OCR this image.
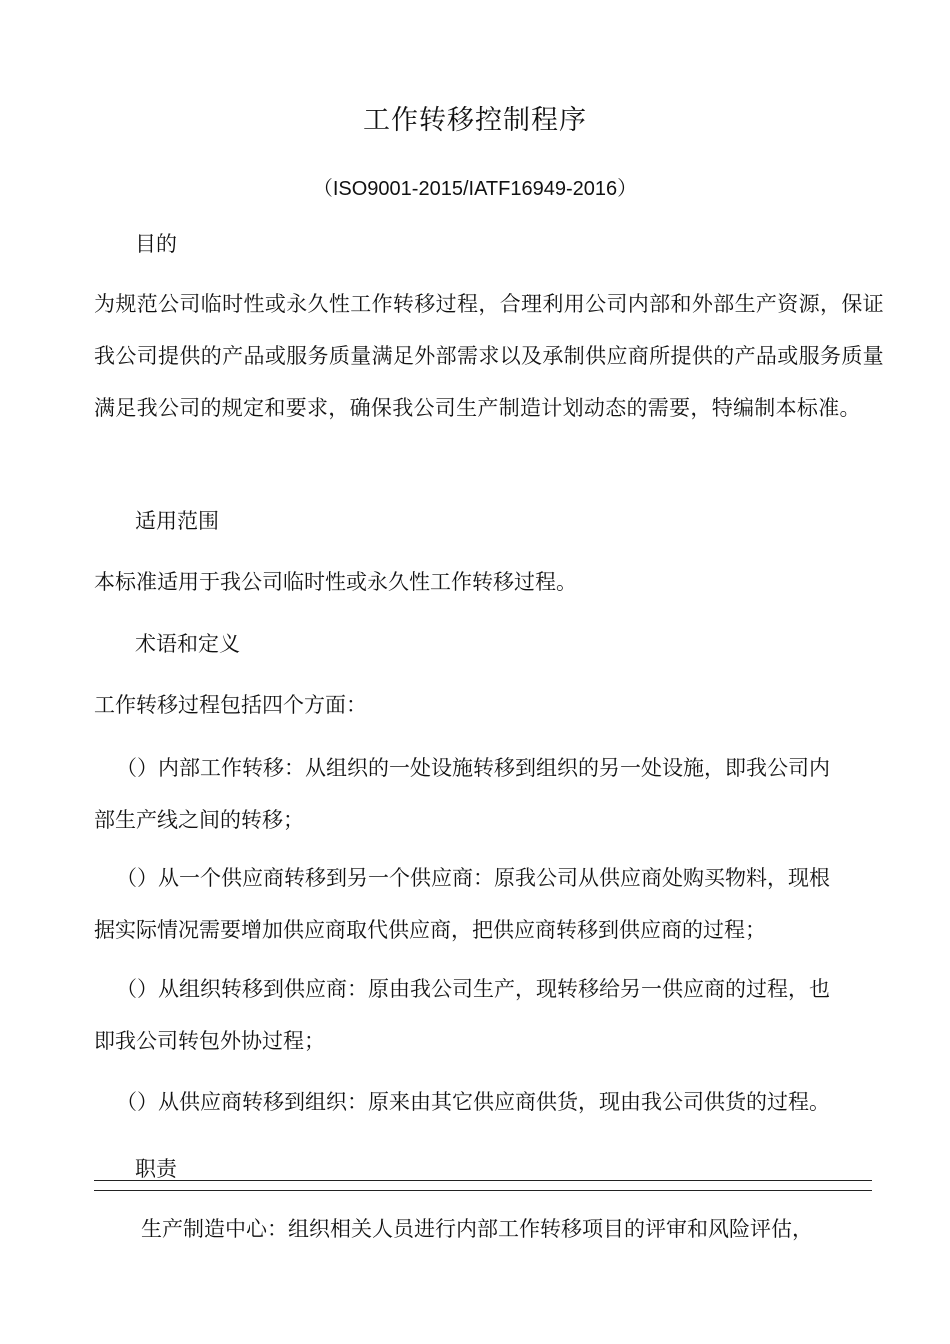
工作转移控制程序
（ISO9001-2015/IATF16949-2016）
目的
为规范公司临时性或永久性工作转移过程，合理利用公司内部和外部生产资源，保证我公司提供的产品或服务质量满足外部需求以及承制供应商所提供的产品或服务质量满足我公司的规定和要求，确保我公司生产制造计划动态的需要，特编制本标准。
适用范围
本标准适用于我公司临时性或永久性工作转移过程。
术语和定义
工作转移过程包括四个方面：
（）内部工作转移：从组织的一处设施转移到组织的另一处设施，即我公司内
部生产线之间的转移；
（）从一个供应商转移到另一个供应商：原我公司从供应商处购买物料，现根
据实际情况需要增加供应商取代供应商，把供应商转移到供应商的过程；
（）从组织转移到供应商：原由我公司生产，现转移给另一供应商的过程，也
即我公司转包外协过程；
（）从供应商转移到组织：原来由其它供应商供货，现由我公司供货的过程。
职责
生产制造中心：组织相关人员进行内部工作转移项目的评审和风险评估，
